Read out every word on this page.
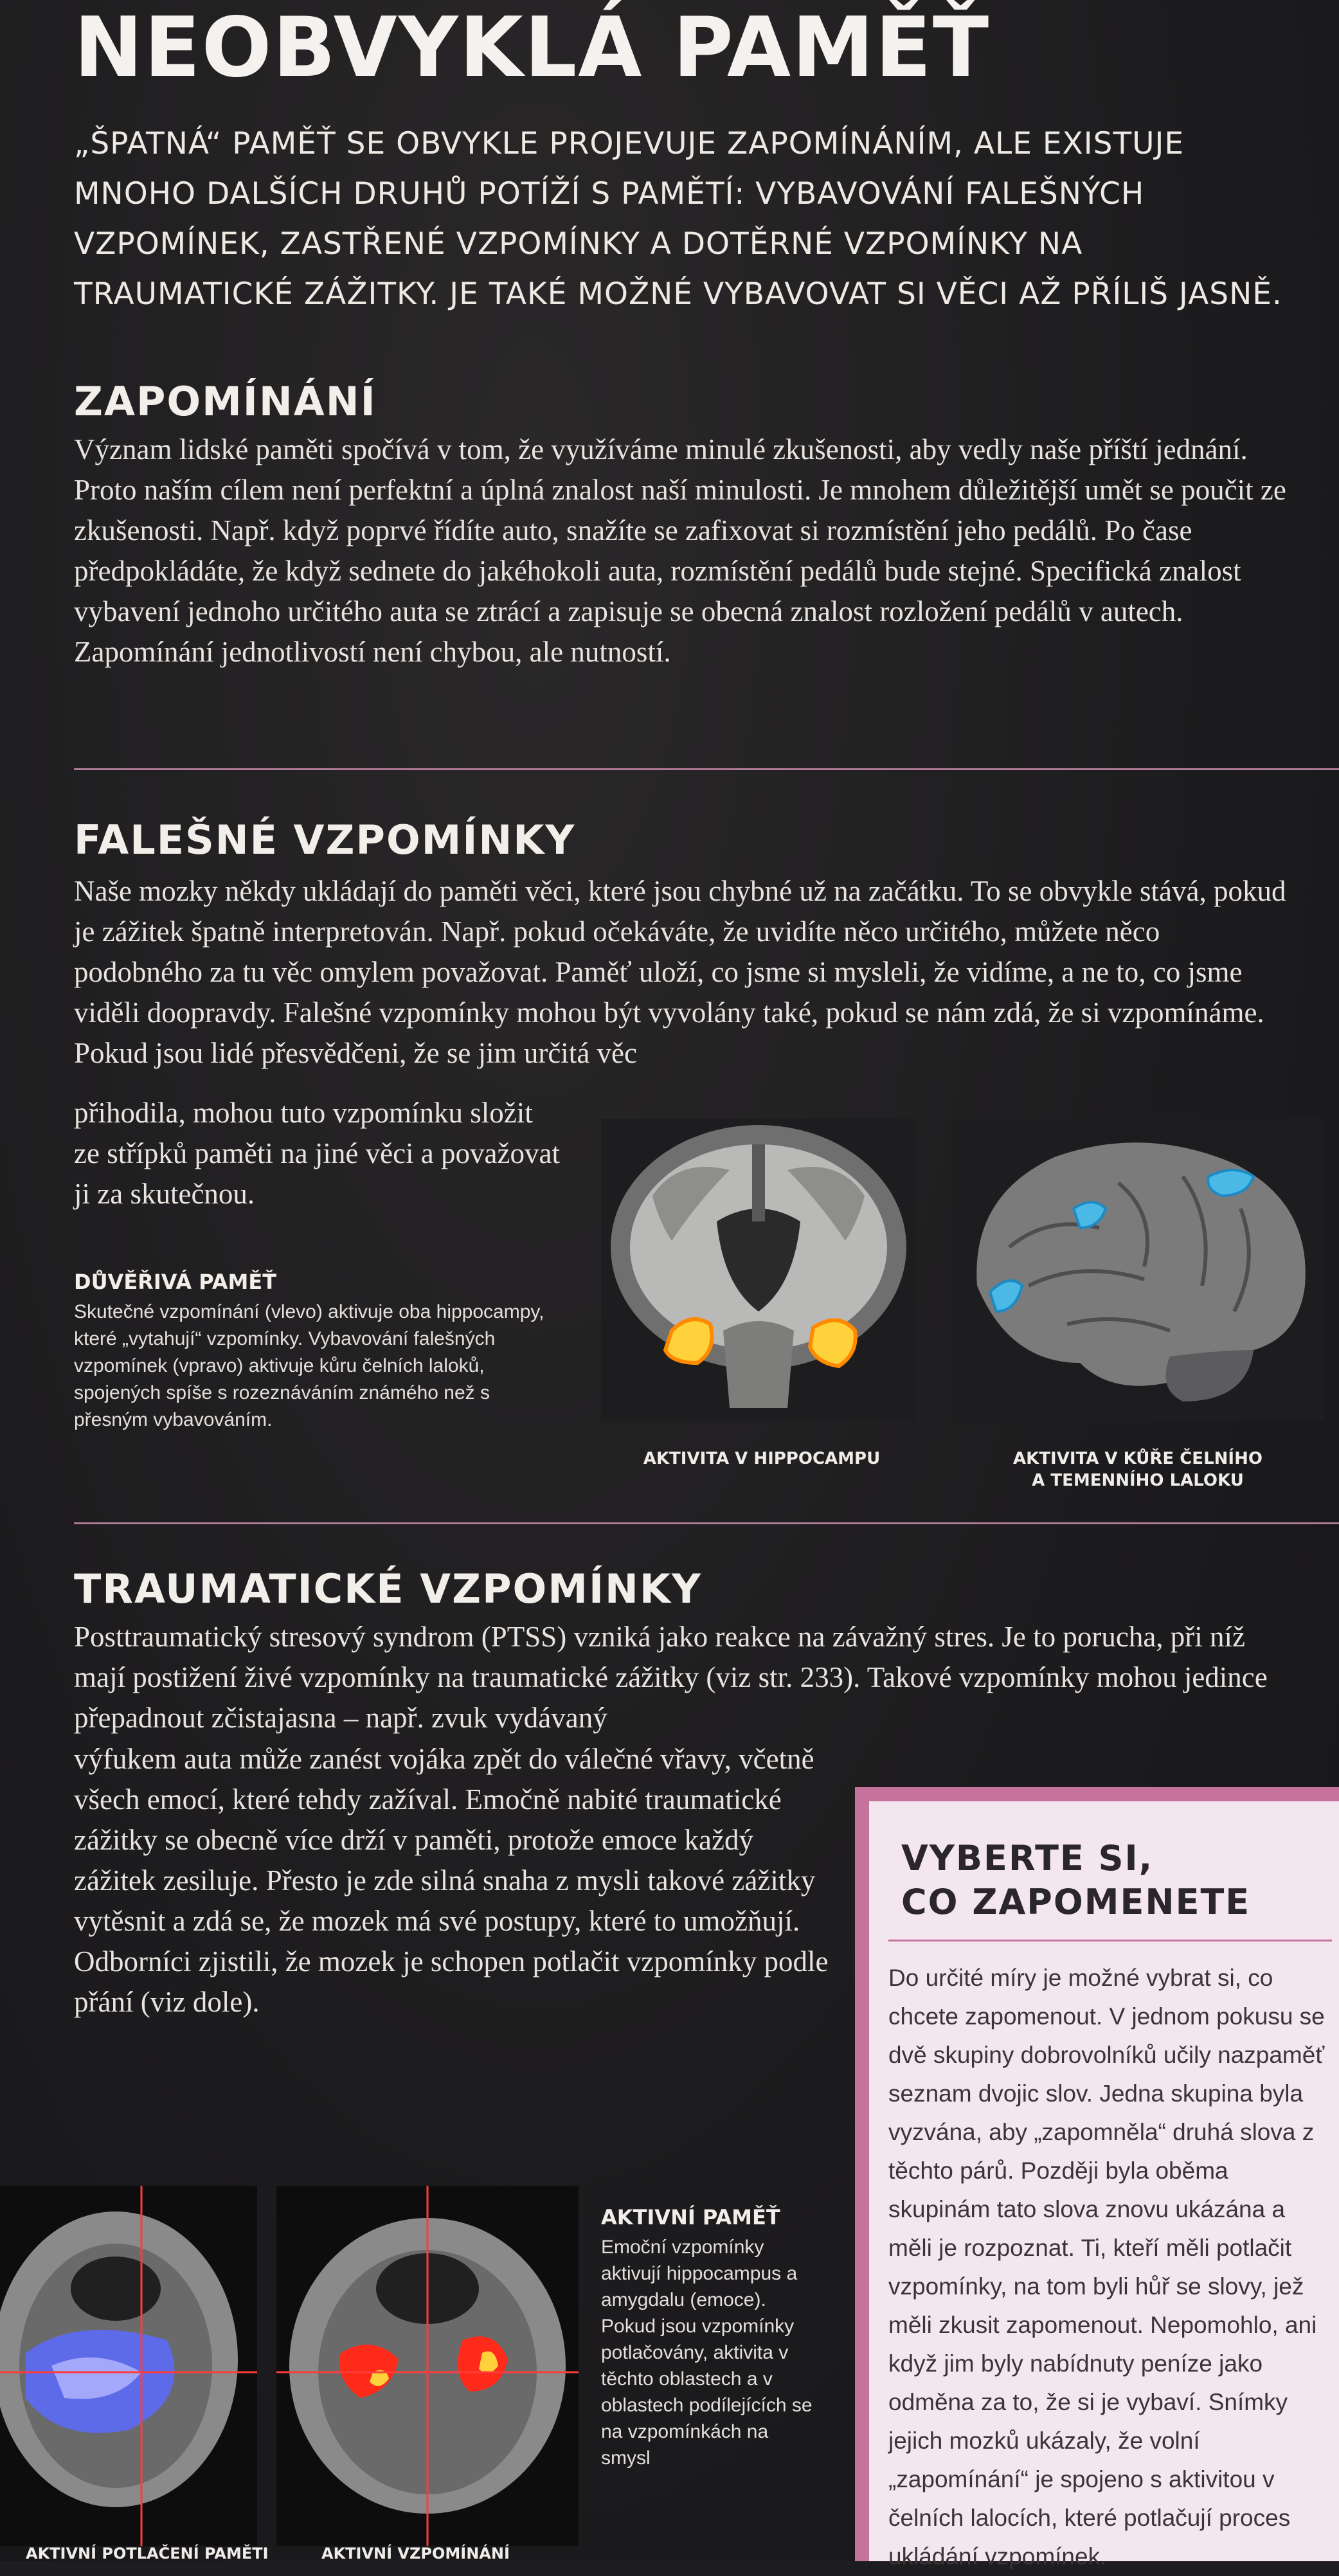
NEOBVYKLÁ PAMĚŤ

„ŠPATNÁ“ PAMĚŤ SE OBVYKLE PROJEVUJE ZAPOMÍNÁNÍM, ALE EXISTUJE MNOHO DALŠÍCH DRUHŮ POTÍŽÍ S PAMĚTÍ: VYBAVOVÁNÍ FALEŠNÝCH VZPOMÍNEK, ZASTŘENÉ VZPOMÍNKY A DOTĚRNÉ VZPOMÍNKY NA TRAUMATICKÉ ZÁŽITKY. JE TAKÉ MOŽNÉ VYBAVOVAT SI VĚCI AŽ PŘÍLIŠ JASNĚ.

ZAPOMÍNÁNÍ

Význam lidské paměti spočívá v tom, že využíváme minulé zkušenosti, aby vedly naše příští jednání. Proto naším cílem není perfektní a úplná znalost naší minulosti. Je mnohem důležitější umět se poučit ze zkušenosti. Např. když poprvé řídíte auto, snažíte se zafixovat si rozmístění jeho pedálů. Po čase předpokládáte, že když sednete do jakéhokoli auta, rozmístění pedálů bude stejné. Specifická znalost vybavení jednoho určitého auta se ztrácí a zapisuje se obecná znalost rozložení pedálů v autech. Zapomínání jednotlivostí není chybou, ale nutností.

FALEŠNÉ VZPOMÍNKY

Naše mozky někdy ukládají do paměti věci, které jsou chybné už na začátku. To se obvykle stává, pokud je zážitek špatně interpretován. Např. pokud očekáváte, že uvidíte něco určitého, můžete něco podobného za tu věc omylem považovat. Paměť uloží, co jsme si mysleli, že vidíme, a ne to, co jsme viděli doopravdy. Falešné vzpomínky mohou být vyvolány také, pokud se nám zdá, že si vzpomínáme. Pokud jsou lidé přesvědčeni, že se jim určitá věc

přihodila, mohou tuto vzpomínku složit ze střípků paměti na jiné věci a považovat ji za skutečnou.

DŮVĚŘIVÁ PAMĚŤ

Skutečné vzpomínání (vlevo) aktivuje oba hippocampy, které „vytahují“ vzpomínky. Vybavování falešných vzpomínek (vpravo) aktivuje kůru čelních laloků, spojených spíše s rozeznáváním známého než s přesným vybavováním.

AKTIVITA V HIPPOCAMPU	AKTIVITA V KŮŘE ČELNÍHO

A TEMENNÍHO LALOKU

TRAUMATICKÉ VZPOMÍNKY

Posttraumatický stresový syndrom (PTSS) vzniká jako reakce na závažný stres. Je to porucha, při níž mají postižení živé vzpomínky na traumatické zážitky (viz str. 233). Takové vzpomínky mohou jedince přepadnout zčistajasna – např. zvuk vydávaný

výfukem auta může zanést vojáka zpět do válečné vřavy, včetně všech emocí, které tehdy zažíval. Emočně nabité traumatické zážitky se obecně více drží v paměti, protože emoce každý zážitek zesiluje. Přesto je zde silná snaha z mysli takové zážitky vytěsnit a zdá se, že mozek má své postupy, které to umožňují. Odborníci zjistili, že mozek je schopen potlačit vzpomínky podle přání (viz dole).

AKTIVNÍ PAMĚŤ

Emoční vzpomínky aktivují hippocampus a amygdalu (emoce). Pokud jsou vzpomínky potlačovány, aktivita v těchto oblastech a v oblastech podílejících se na vzpomínkách na smysl

AKTIVNÍ POTLAČENÍ PAMĚTI	AKTIVNÍ VZPOMÍNÁNÍ

VYBERTE SI,
CO ZAPOMENETE

Do určité míry je možné vybrat si, co chcete zapomenout. V jednom pokusu se dvě skupiny dobrovolníků učily nazpaměť seznam dvojic slov. Jedna skupina byla vyzvána, aby „zapomněla“ druhá slova z těchto párů. Později byla oběma skupinám tato slova znovu ukázána a měli je rozpoznat. Ti, kteří měli potlačit vzpomínky, na tom byli hůř se slovy, jež měli zkusit zapomenout. Nepomohlo, ani když jim byly nabídnuty peníze jako odměna za to, že si je vybaví. Snímky jejich mozků ukázaly, že volní „zapomínání“ je spojeno s aktivitou v čelních lalocích, které potlačují proces ukládání vzpomínek.
